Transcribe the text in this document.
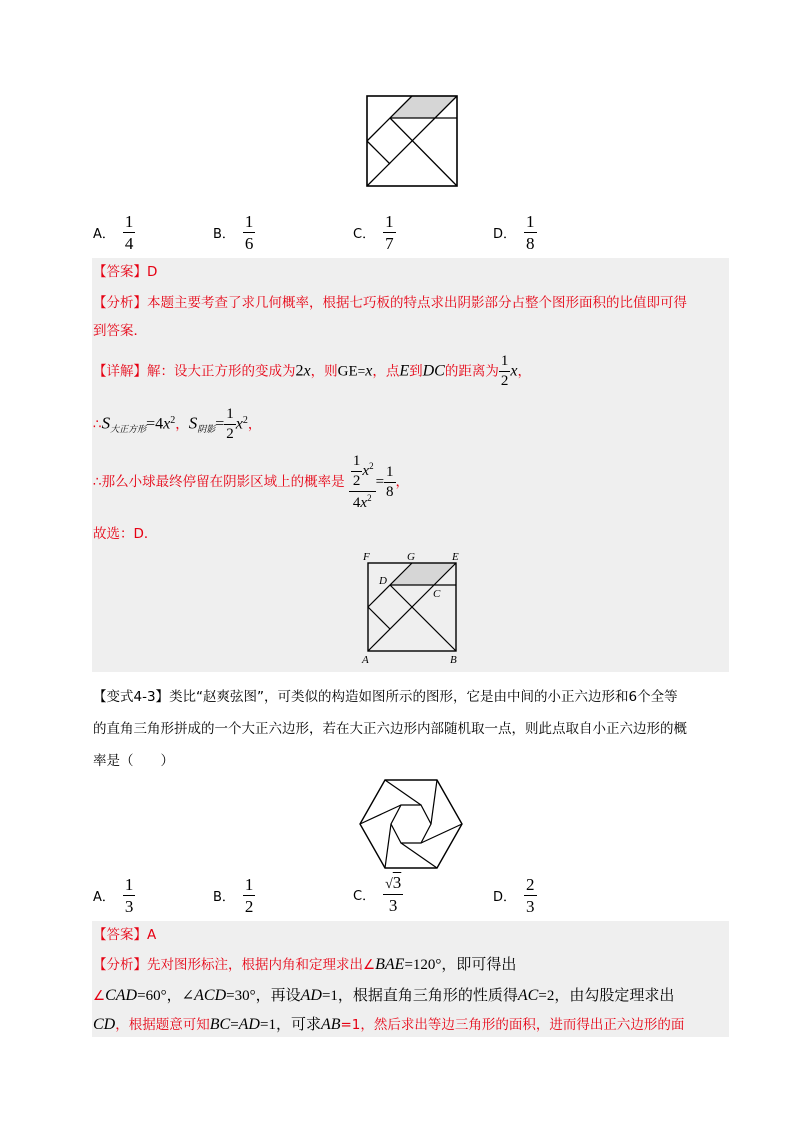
A． $\frac{1}{4}$	B． $\frac{1}{6}$	C． $\frac{1}{7}$	D． $\frac{1}{8}$
【答案】D
【分析】本题主要考查了求几何概率，根据七巧板的特点求出阴影部分占整个图形面积的比值即可得
到答案．
【详解】解：设大正方形的变成为2x，则GE=x，点E到DC的距离为 $\frac{1}{2}$ x，
$\therefore S_{大正方形}=4x^2$，$S_{阴影}= \frac{1}{2} x^2$，
∴那么小球最终停留在阴影区域上的概率是 $\frac{\frac{1}{2} x^2}{4x^2} = \frac{1}{8}$ ，
故选：D．
F	G	E
D
C
A	B
【变式4-3】类比“赵爽弦图”，可类似的构造如图所示的图形，它是由中间的小正六边形和6个全等
的直角三角形拼成的一个大正六边形，若在大正六边形内部随机取一点，则此点取自小正六边形的概
率是（　　）
A． $\frac{1}{3}$	B． $\frac{1}{2}$	C． $\frac{√3}{3}$	D． $\frac{2}{3}$
【答案】A
【分析】先对图形标注，根据内角和定理求出∠BAE=120°，即可得出
∠CAD=60°，∠ACD=30°，再设AD=1，根据直角三角形的性质得AC=2，由勾股定理求出
CD，根据题意可知BC=AD=1，可求AB=1，然后求出等边三角形的面积，进而得出正六边形的面
